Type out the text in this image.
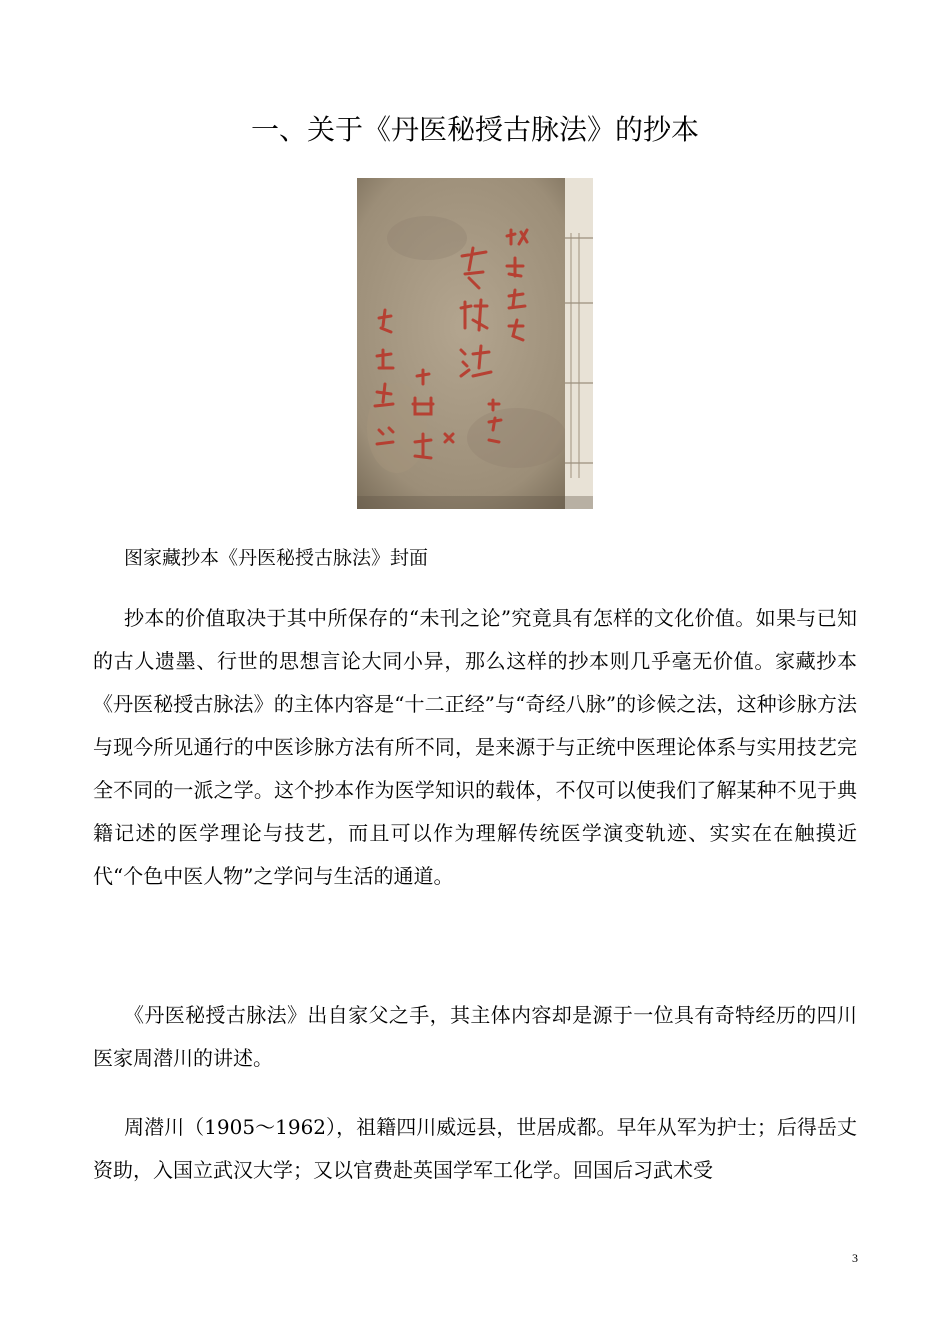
一、关于《丹医秘授古脉法》的抄本
图家藏抄本《丹医秘授古脉法》封面

抄本的价值取决于其中所保存的“未刊之论”究竟具有怎样的文化价值。如果与已知的古人遗墨、行世的思想言论大同小异，那么这样的抄本则几乎毫无价值。家藏抄本《丹医秘授古脉法》的主体内容是“十二正经”与“奇经八脉”的诊候之法，这种诊脉方法与现今所见通行的中医诊脉方法有所不同，是来源于与正统中医理论体系与实用技艺完全不同的一派之学。这个抄本作为医学知识的载体，不仅可以使我们了解某种不见于典籍记述的医学理论与技艺，而且可以作为理解传统医学演变轨迹、实实在在触摸近代“个色中医人物”之学问与生活的通道。

《丹医秘授古脉法》出自家父之手，其主体内容却是源于一位具有奇特经历的四川医家周潜川的讲述。

周潜川（1905～1962），祖籍四川威远县，世居成都。早年从军为护士；后得岳丈资助，入国立武汉大学；又以官费赴英国学军工化学。回国后习武术受

3
